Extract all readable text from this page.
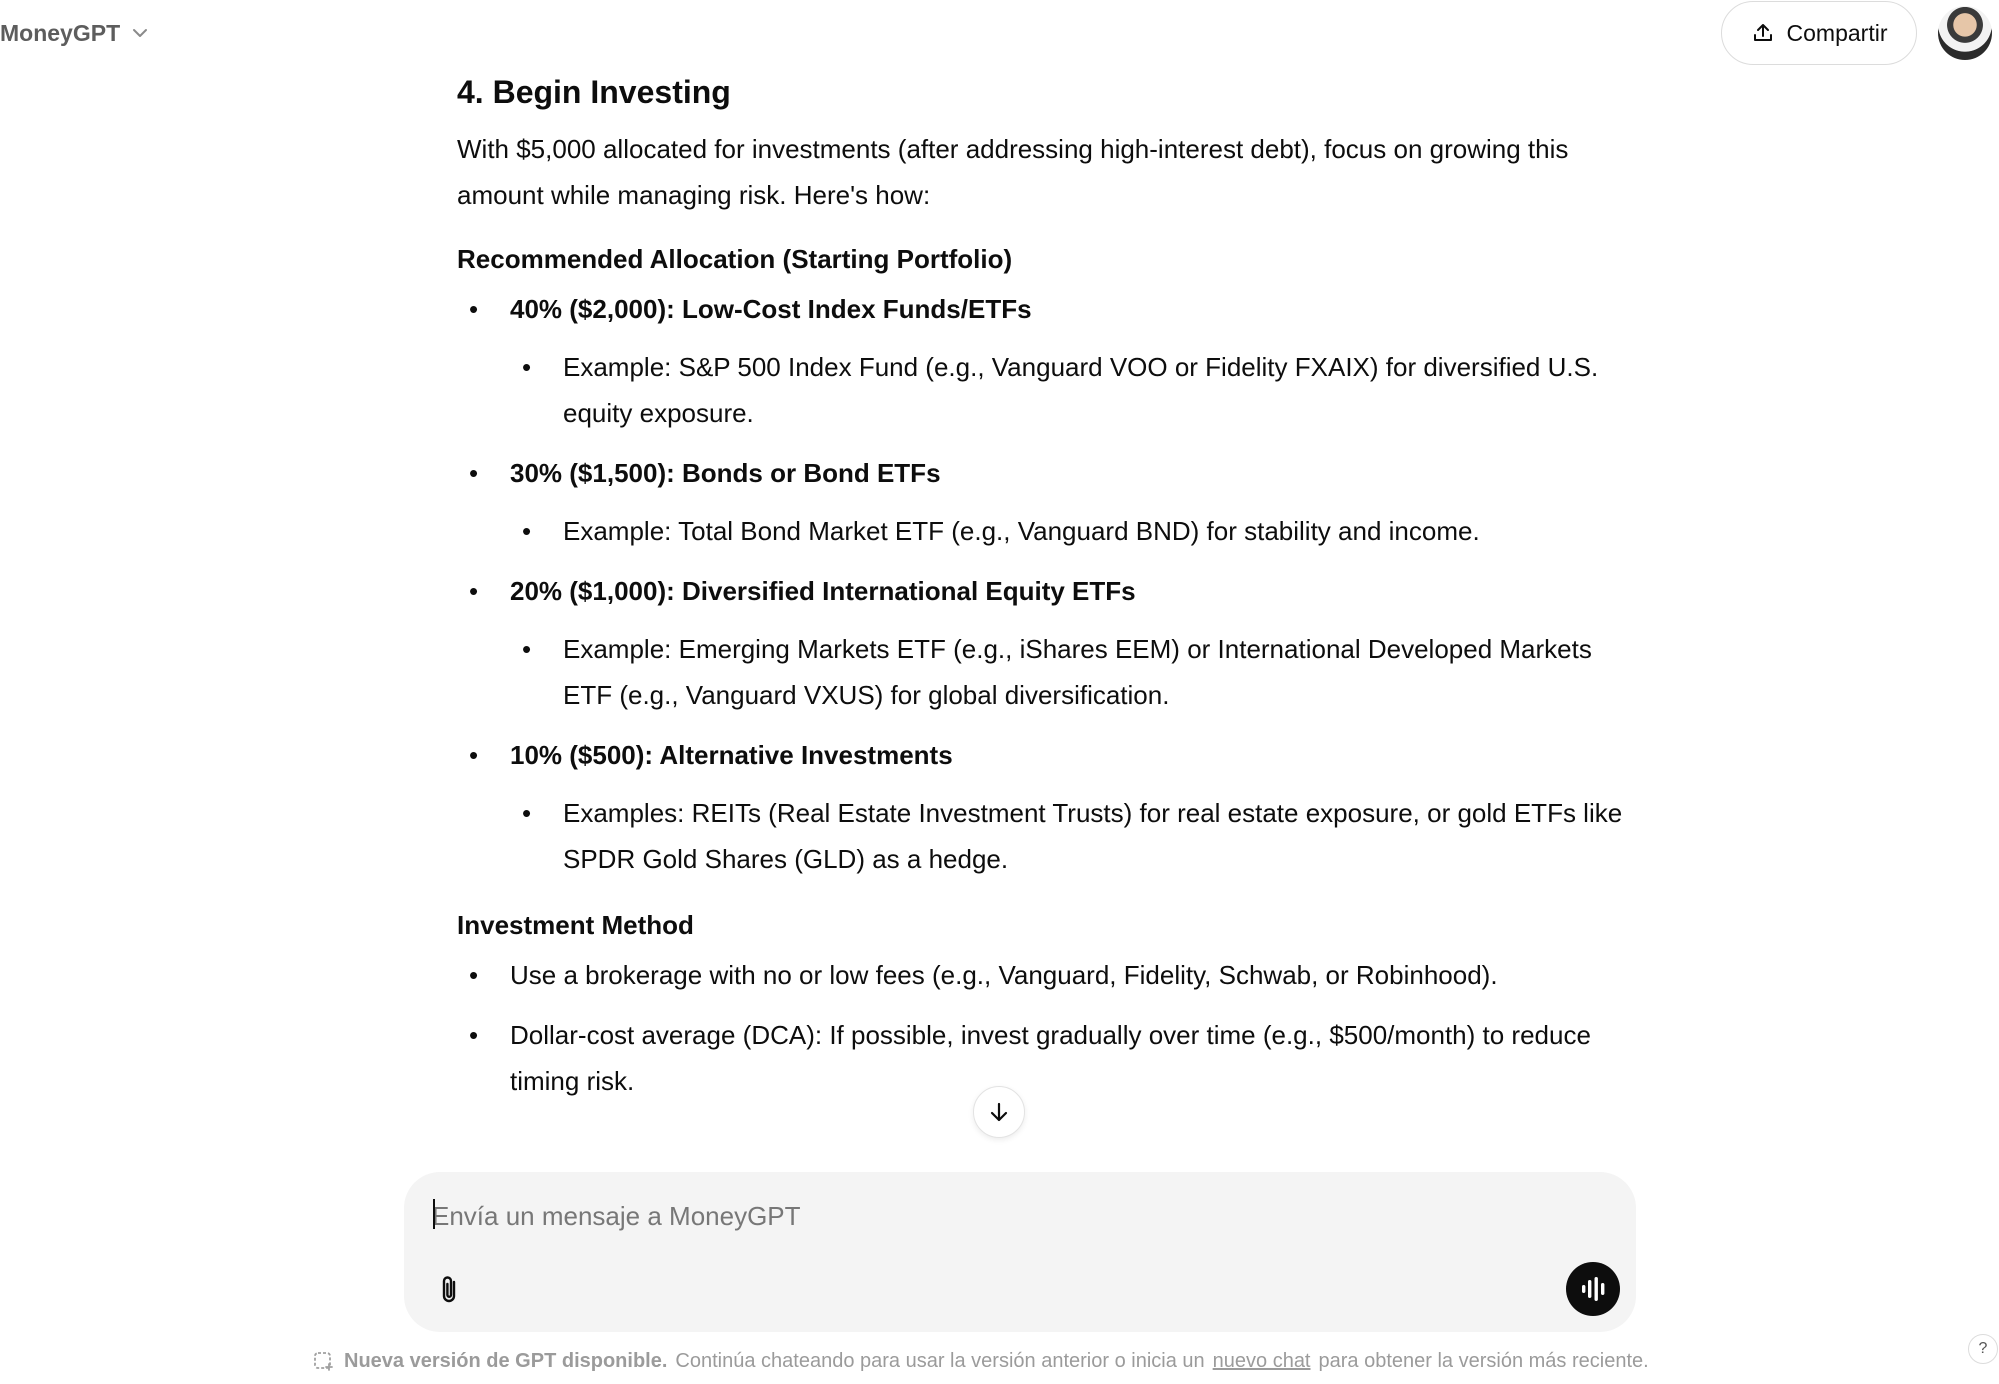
MoneyGPT	Compartir
4. Begin Investing

With $5,000 allocated for investments (after addressing high-interest debt), focus on growing this amount while managing risk. Here's how:

Recommended Allocation (Starting Portfolio)
• 40% ($2,000): Low-Cost Index Funds/ETFs
• Example: S&P 500 Index Fund (e.g., Vanguard VOO or Fidelity FXAIX) for diversified U.S. equity exposure.
• 30% ($1,500): Bonds or Bond ETFs
• Example: Total Bond Market ETF (e.g., Vanguard BND) for stability and income.
• 20% ($1,000): Diversified International Equity ETFs
• Example: Emerging Markets ETF (e.g., iShares EEM) or International Developed Markets ETF (e.g., Vanguard VXUS) for global diversification.
• 10% ($500): Alternative Investments
• Examples: REITs (Real Estate Investment Trusts) for real estate exposure, or gold ETFs like SPDR Gold Shares (GLD) as a hedge.
Investment Method
• Use a brokerage with no or low fees (e.g., Vanguard, Fidelity, Schwab, or Robinhood).
• Dollar-cost average (DCA): If possible, invest gradually over time (e.g., $500/month) to reduce timing risk.
Envía un mensaje a MoneyGPT
Nueva versión de GPT disponible. Continúa chateando para usar la versión anterior o inicia un nuevo chat para obtener la versión más reciente.
?
